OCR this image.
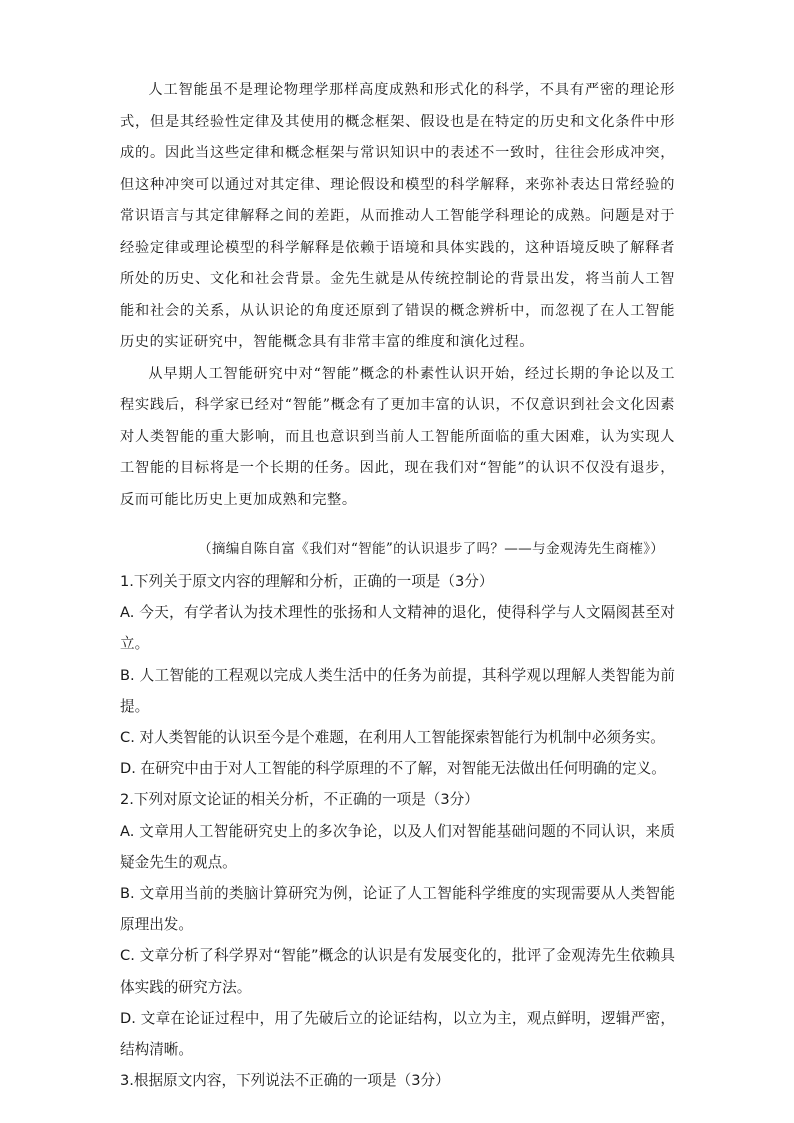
人工智能虽不是理论物理学那样高度成熟和形式化的科学，不具有严密的理论形式，但是其经验性定律及其使用的概念框架、假设也是在特定的历史和文化条件中形成的。因此当这些定律和概念框架与常识知识中的表述不一致时，往往会形成冲突，但这种冲突可以通过对其定律、理论假设和模型的科学解释，来弥补表达日常经验的常识语言与其定律解释之间的差距，从而推动人工智能学科理论的成熟。问题是对于经验定律或理论模型的科学解释是依赖于语境和具体实践的，这种语境反映了解释者所处的历史、文化和社会背景。金先生就是从传统控制论的背景出发，将当前人工智能和社会的关系，从认识论的角度还原到了错误的概念辨析中，而忽视了在人工智能历史的实证研究中，智能概念具有非常丰富的维度和演化过程。

从早期人工智能研究中对“智能”概念的朴素性认识开始，经过长期的争论以及工程实践后，科学家已经对“智能”概念有了更加丰富的认识，不仅意识到社会文化因素对人类智能的重大影响，而且也意识到当前人工智能所面临的重大困难，认为实现人工智能的目标将是一个长期的任务。因此，现在我们对“智能”的认识不仅没有退步，反而可能比历史上更加成熟和完整。

（摘编自陈自富《我们对“智能”的认识退步了吗？——与金观涛先生商榷》）

1.下列关于原文内容的理解和分析，正确的一项是（3分）

A. 今天，有学者认为技术理性的张扬和人文精神的退化，使得科学与人文隔阂甚至对立。

B. 人工智能的工程观以完成人类生活中的任务为前提，其科学观以理解人类智能为前提。

C. 对人类智能的认识至今是个难题，在利用人工智能探索智能行为机制中必须务实。

D. 在研究中由于对人工智能的科学原理的不了解，对智能无法做出任何明确的定义。

2.下列对原文论证的相关分析，不正确的一项是（3分）

A. 文章用人工智能研究史上的多次争论，以及人们对智能基础问题的不同认识，来质疑金先生的观点。

B. 文章用当前的类脑计算研究为例，论证了人工智能科学维度的实现需要从人类智能原理出发。

C. 文章分析了科学界对“智能”概念的认识是有发展变化的，批评了金观涛先生依赖具体实践的研究方法。

D. 文章在论证过程中，用了先破后立的论证结构，以立为主，观点鲜明，逻辑严密，结构清晰。

3.根据原文内容，下列说法不正确的一项是（3分）
